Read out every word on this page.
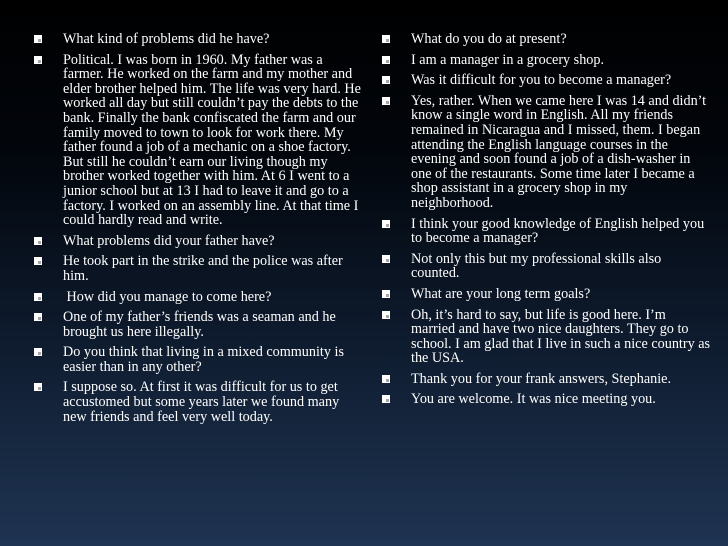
What kind of problems did he have?
Political. I was born in 1960. My father was a farmer. He worked on the farm and my mother and elder brother helped him. The life was very hard. He worked all day but still couldn’t pay the debts to the bank. Finally the bank confiscated the farm and our family moved to town to look for work there. My father found a job of a mechanic on a shoe factory. But still he couldn’t earn our living though my brother worked together with him. At 6 I went to a junior school but at 13 I had to leave it and go to a factory. I worked on an assembly line. At that time I could hardly read and write.
What problems did your father have?
He took part in the strike and the police was after him.
How did you manage to come here?
One of my father’s friends was a seaman and he brought us here illegally.
Do you think that living in a mixed community is easier than in any other?
I suppose so. At first it was difficult for us to get accustomed but some years later we found many new friends and feel very well today.
What do you do at present?
I am a manager in a grocery shop.
Was it difficult for you to become a manager?
Yes, rather. When we came here I was 14 and didn’t know a single word in English. All my friends remained in Nicaragua and I missed, them. I began attending the English language courses in the evening and soon found a job of a dish-washer in one of the restaurants. Some time later I became a shop assistant in a grocery shop in my neighborhood.
I think your good knowledge of English helped you to become a manager?
Not only this but my professional skills also counted.
What are your long term goals?
Oh, it’s hard to say, but life is good here. I’m married and have two nice daughters. They go to school. I am glad that I live in such a nice country as the USA.
Thank you for your frank answers, Stephanie.
You are welcome. It was nice meeting you.
